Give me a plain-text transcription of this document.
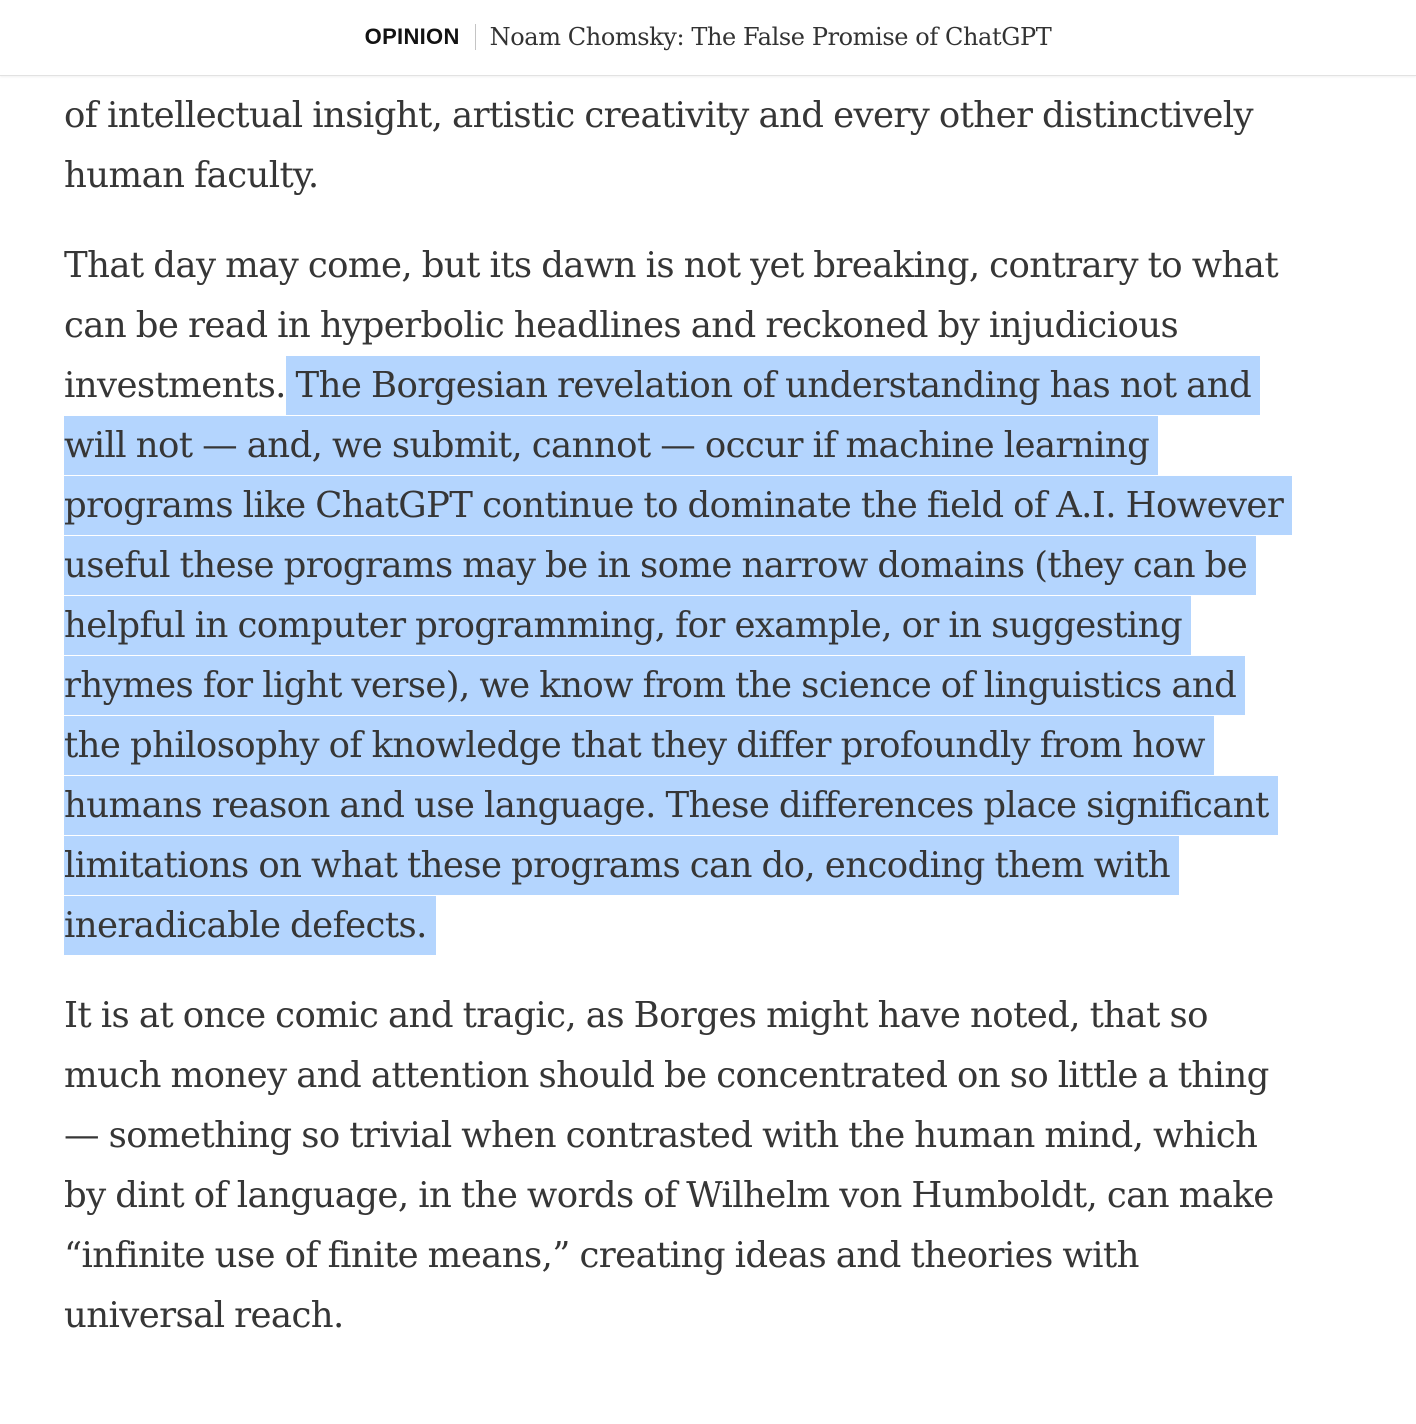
OPINION Noam Chomsky: The False Promise of ChatGPT

of intellectual insight, artistic creativity and every other distinctively human faculty.

That day may come, but its dawn is not yet breaking, contrary to what can be read in hyperbolic headlines and reckoned by injudicious investments. The Borgesian revelation of understanding has not and will not — and, we submit, cannot — occur if machine learning programs like ChatGPT continue to dominate the field of A.I. However useful these programs may be in some narrow domains (they can be helpful in computer programming, for example, or in suggesting rhymes for light verse), we know from the science of linguistics and the philosophy of knowledge that they differ profoundly from how humans reason and use language. These differences place significant limitations on what these programs can do, encoding them with ineradicable defects.

It is at once comic and tragic, as Borges might have noted, that so much money and attention should be concentrated on so little a thing — something so trivial when contrasted with the human mind, which by dint of language, in the words of Wilhelm von Humboldt, can make “infinite use of finite means,” creating ideas and theories with universal reach.
